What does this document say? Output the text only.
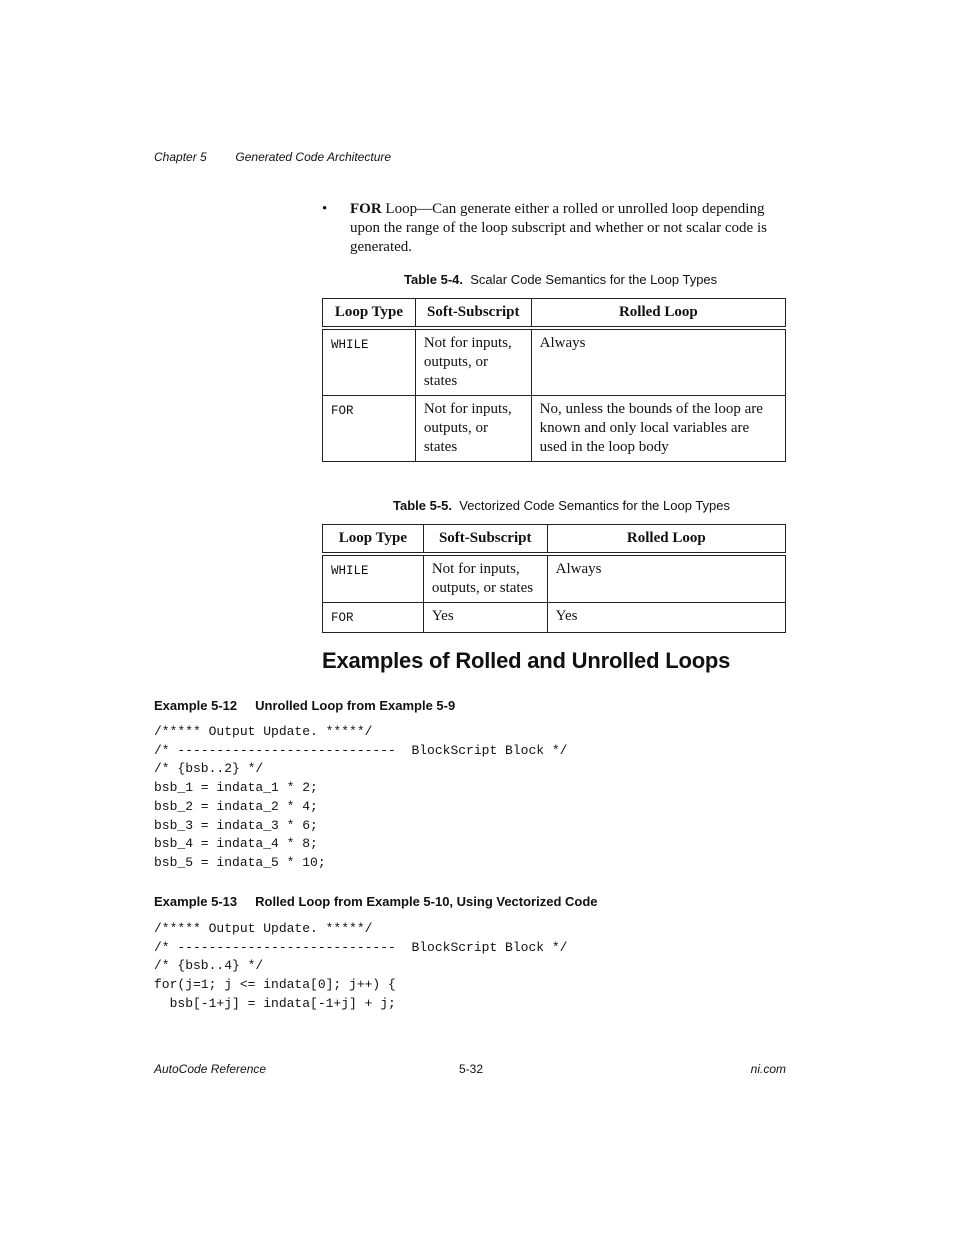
Chapter 5 Generated Code Architecture
• FOR Loop—Can generate either a rolled or unrolled loop depending upon the range of the loop subscript and whether or not scalar code is generated.
Table 5-4. Scalar Code Semantics for the Loop Types
Loop Type	Soft-Subscript	Rolled Loop
WHILE	Not for inputs, outputs, or states	Always
FOR	Not for inputs, outputs, or states	No, unless the bounds of the loop are known and only local variables are used in the loop body
Table 5-5. Vectorized Code Semantics for the Loop Types
Loop Type	Soft-Subscript	Rolled Loop
WHILE	Not for inputs, outputs, or states	Always
FOR	Yes	Yes
Examples of Rolled and Unrolled Loops
Example 5-12 Unrolled Loop from Example 5-9
/***** Output Update. *****/
/* ----------------------------  BlockScript Block */
/* {bsb..2} */
bsb_1 = indata_1 * 2;
bsb_2 = indata_2 * 4;
bsb_3 = indata_3 * 6;
bsb_4 = indata_4 * 8;
bsb_5 = indata_5 * 10;
Example 5-13 Rolled Loop from Example 5-10, Using Vectorized Code
/***** Output Update. *****/
/* ----------------------------  BlockScript Block */
/* {bsb..4} */
for(j=1; j <= indata[0]; j++) {
bsb[-1+j] = indata[-1+j] + j;
AutoCode Reference	5-32	ni.com
